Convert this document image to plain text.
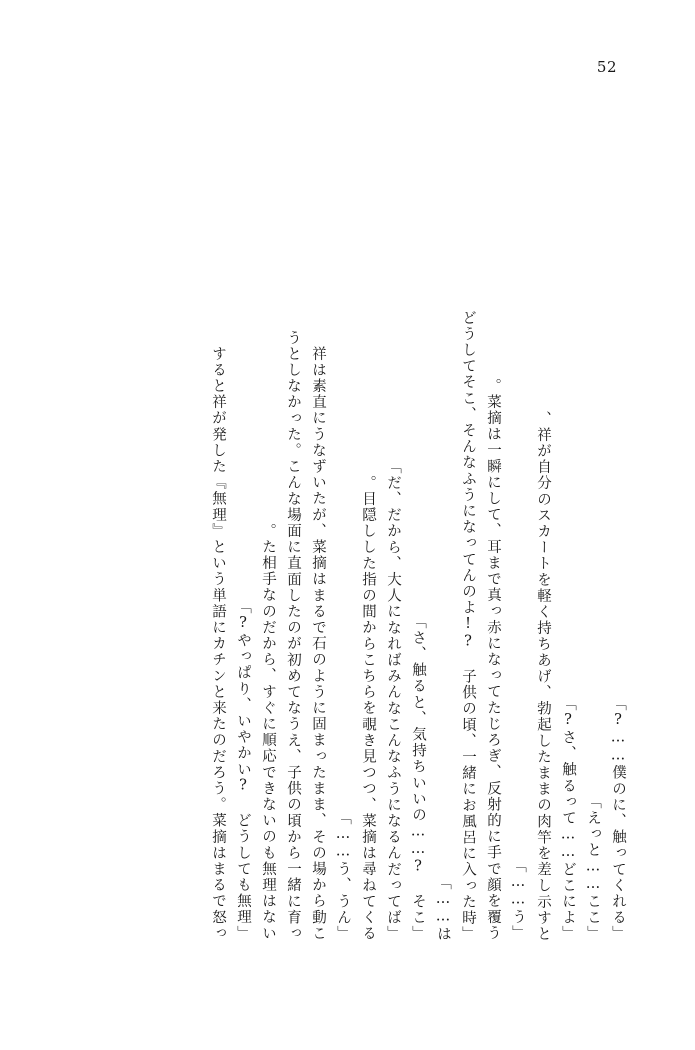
52
「僕のに、触ってくれる……?」
「えっと……ここ」
「さ、触るって……どこによ?」
祥が自分のスカートを軽く持ちあげ、勃起したままの肉竿を差し示すと、
「う……」
菜摘は一瞬にして、耳まで真っ赤になってたじろぎ、反射的に手で顔を覆う。
「どうしてそこ、そんなふうになってんのよ!? 子供の頃、一緒にお風呂に入った時
は……」
「さ、触ると、気持ちいいの……? そこ」
「だ、だから、大人になればみんなこんなふうになるんだってば」
目隠しした指の間からこちらを覗き見つつ、菜摘は尋ねてくる。
「う、うん……」
祥は素直にうなずいたが、菜摘はまるで石のように固まったまま、その場から動こ
うとしなかった。こんな場面に直面したのが初めてなうえ、子供の頃から一緒に育っ
た相手なのだから、すぐに順応できないのも無理はない。
「やっぱり、いやかい? どうしても無理?」
すると祥が発した『無理』という単語にカチンと来たのだろう。菜摘はまるで怒っ
